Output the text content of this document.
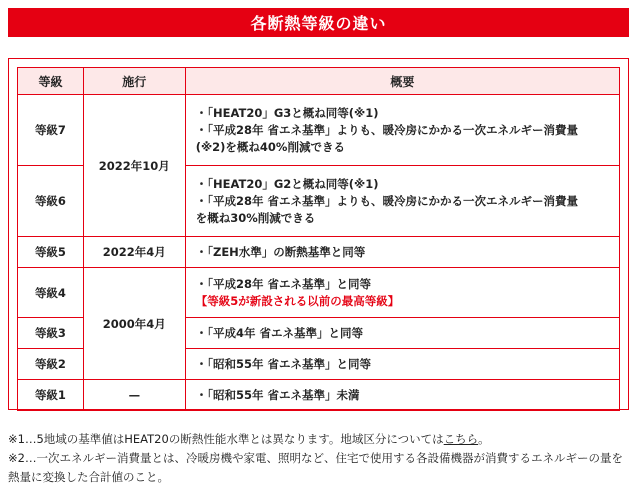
各断熱等級の違い
等級	施行	概要
等級7	2022年10月	・「HEAT20」G3と概ね同等(※1)
・「平成28年 省エネ基準」よりも、暖冷房にかかる一次エネルギー消費量
(※2)を概ね40%削減できる

等級6		・「HEAT20」G2と概ね同等(※1)
・「平成28年 省エネ基準」よりも、暖冷房にかかる一次エネルギー消費量
を概ね30%削減できる

等級5	2022年4月	・「ZEH水準」の断熱基準と同等

等級4	2000年4月	・「平成28年 省エネ基準」と同等
【等級5が新設される以前の最高等級】

等級3		・「平成4年 省エネ基準」と同等

等級2		・「昭和55年 省エネ基準」と同等

等級1	—	・「昭和55年 省エネ基準」未満
※1…5地域の基準値はHEAT20の断熱性能水準とは異なります。地域区分についてはこちら。
※2…一次エネルギー消費量とは、冷暖房機や家電、照明など、住宅で使用する各設備機器が消費するエネルギーの量を熱量に変換した合計値のこと。
